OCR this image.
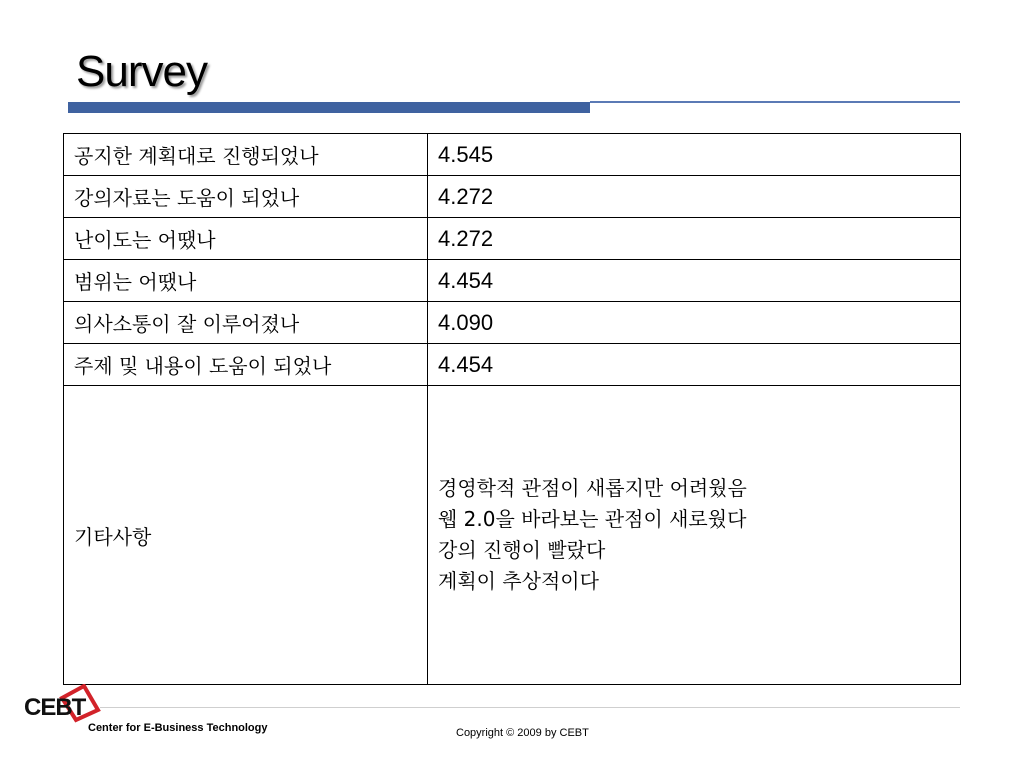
Survey
공지한 계획대로 진행되었나	4.545
강의자료는 도움이 되었나	4.272
난이도는 어땠나	4.272
범위는 어땠나	4.454
의사소통이 잘 이루어졌나	4.090
주제 및 내용이 도움이 되었나	4.454
기타사항	경영학적 관점이 새롭지만 어려웠음
웹 2.0을 바라보는 관점이 새로웠다
강의 진행이 빨랐다
계획이 추상적이다
CEBT
Center for E-Business Technology	Copyright © 2009 by CEBT
